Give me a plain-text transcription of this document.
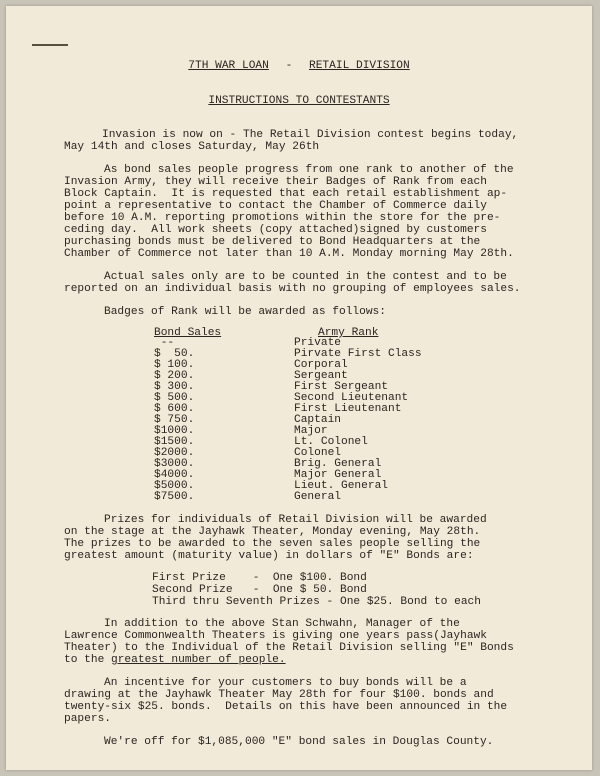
7TH WAR LOAN - RETAIL DIVISION
INSTRUCTIONS TO CONTESTANTS
Invasion is now on - The Retail Division contest begins today,
May 14th and closes Saturday, May 26th
As bond sales people progress from one rank to another of the
Invasion Army, they will receive their Badges of Rank from each
Block Captain.  It is requested that each retail establishment ap-
point a representative to contact the Chamber of Commerce daily
before 10 A.M. reporting promotions within the store for the pre-
ceding day.  All work sheets (copy attached)signed by customers
purchasing bonds must be delivered to Bond Headquarters at the
Chamber of Commerce not later than 10 A.M. Monday morning May 28th.
Actual sales only are to be counted in the contest and to be
reported on an individual basis with no grouping of employees sales.
Badges of Rank will be awarded as follows:
Bond Sales	Army Rank
--	Private
$  50.	Pirvate First Class
$ 100.	Corporal
$ 200.	Sergeant
$ 300.	First Sergeant
$ 500.	Second Lieutenant
$ 600.	First Lieutenant
$ 750.	Captain
$1000.	Major
$1500.	Lt. Colonel
$2000.	Colonel
$3000.	Brig. General
$4000.	Major General
$5000.	Lieut. General
$7500.	General
Prizes for individuals of Retail Division will be awarded
on the stage at the Jayhawk Theater, Monday evening, May 28th.
The prizes to be awarded to the seven sales people selling the
greatest amount (maturity value) in dollars of "E" Bonds are:
First Prize    -  One $100. Bond
Second Prize   -  One $ 50. Bond
Third thru Seventh Prizes - One $25. Bond to each
In addition to the above Stan Schwahn, Manager of the
Lawrence Commonwealth Theaters is giving one years pass(Jayhawk
Theater) to the Individual of the Retail Division selling "E" Bonds
to the greatest number of people.
An incentive for your customers to buy bonds will be a
drawing at the Jayhawk Theater May 28th for four $100. bonds and
twenty-six $25. bonds.  Details on this have been announced in the
papers.
We're off for $1,085,000 "E" bond sales in Douglas County.
